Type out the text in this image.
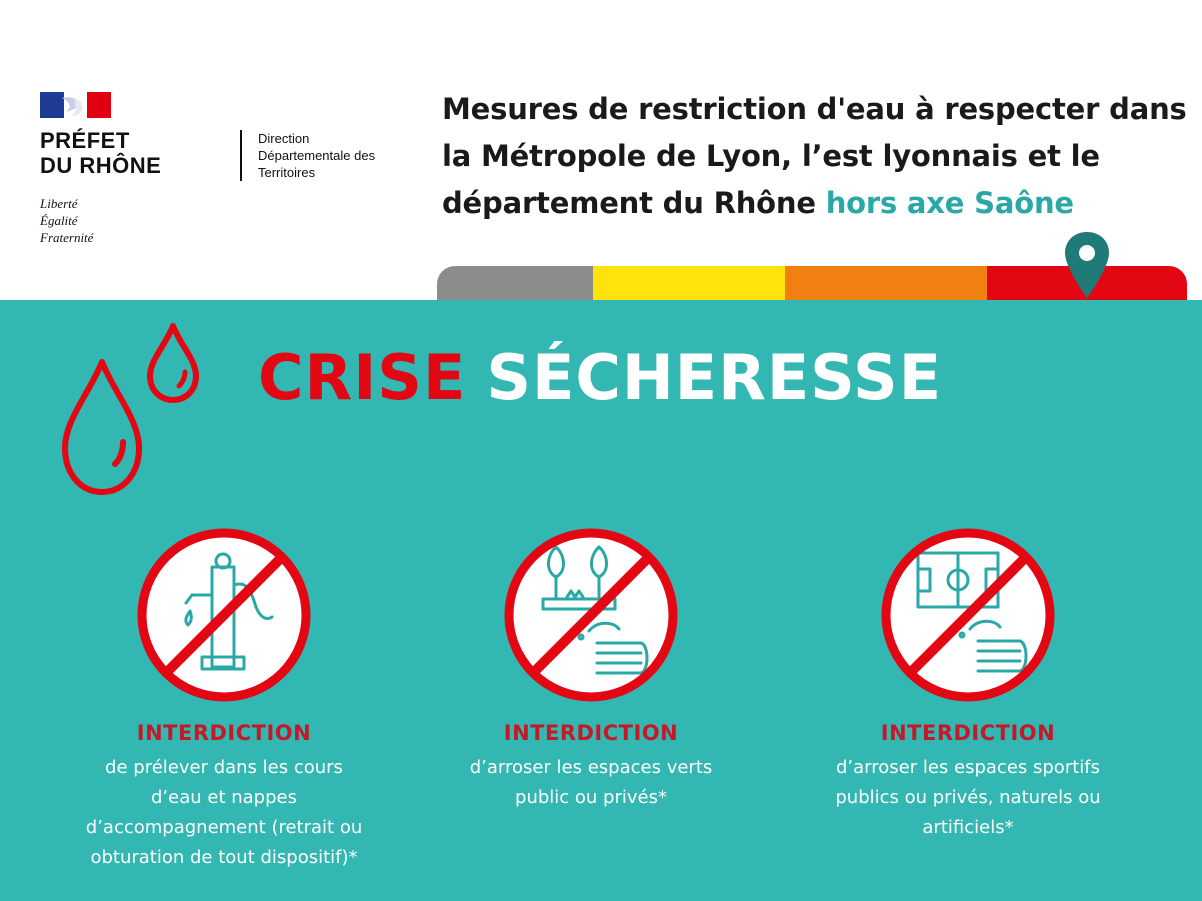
PRÉFET
DU RHÔNE
Liberté
Égalité
Fraternité
Direction
Départementale des
Territoires
Mesures de restriction d'eau à respecter dans la Métropole de Lyon, l’est lyonnais et le département du Rhône hors axe Saône
CRISE SÉCHERESSE
INTERDICTION
de prélever dans les cours
d’eau et nappes
d’accompagnement (retrait ou
obturation de tout dispositif)*
INTERDICTION
d’arroser les espaces verts
public ou privés*
INTERDICTION
d’arroser les espaces sportifs
publics ou privés, naturels ou
artificiels*
